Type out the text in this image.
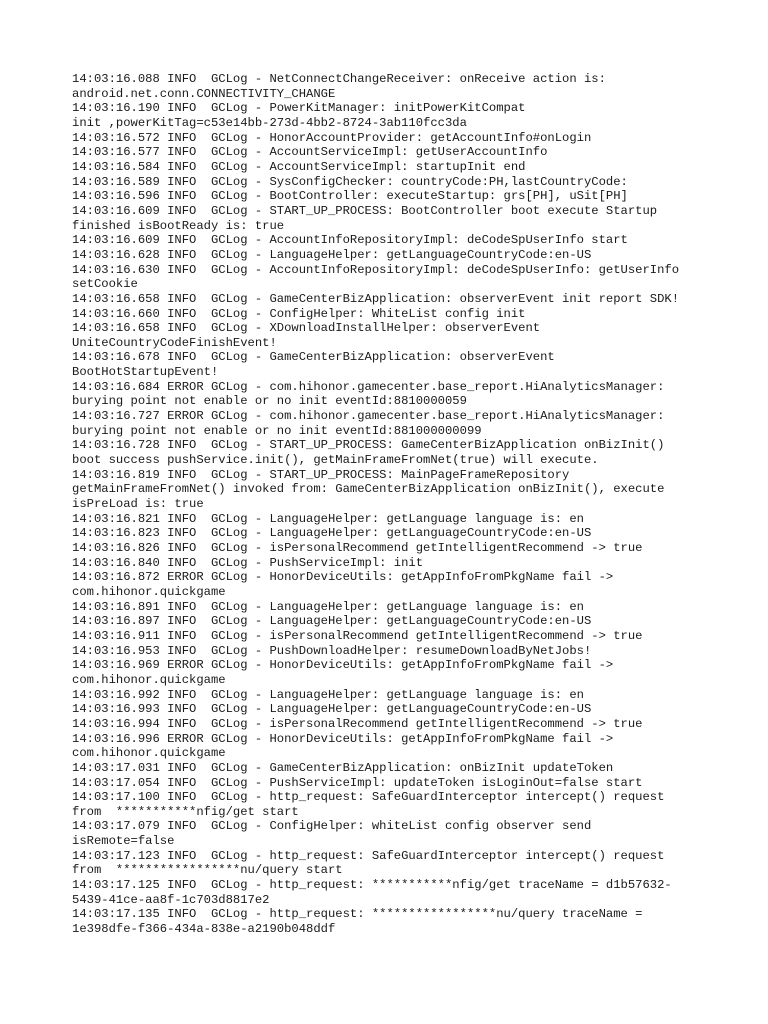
14:03:16.088 INFO  GCLog - NetConnectChangeReceiver: onReceive action is:
android.net.conn.CONNECTIVITY_CHANGE
14:03:16.190 INFO  GCLog - PowerKitManager: initPowerKitCompat
init ,powerKitTag=c53e14bb-273d-4bb2-8724-3ab110fcc3da
14:03:16.572 INFO  GCLog - HonorAccountProvider: getAccountInfo#onLogin
14:03:16.577 INFO  GCLog - AccountServiceImpl: getUserAccountInfo
14:03:16.584 INFO  GCLog - AccountServiceImpl: startupInit end
14:03:16.589 INFO  GCLog - SysConfigChecker: countryCode:PH,lastCountryCode:
14:03:16.596 INFO  GCLog - BootController: executeStartup: grs[PH], uSit[PH]
14:03:16.609 INFO  GCLog - START_UP_PROCESS: BootController boot execute Startup
finished isBootReady is: true
14:03:16.609 INFO  GCLog - AccountInfoRepositoryImpl: deCodeSpUserInfo start
14:03:16.628 INFO  GCLog - LanguageHelper: getLanguageCountryCode:en-US
14:03:16.630 INFO  GCLog - AccountInfoRepositoryImpl: deCodeSpUserInfo: getUserInfo
setCookie
14:03:16.658 INFO  GCLog - GameCenterBizApplication: observerEvent init report SDK!
14:03:16.660 INFO  GCLog - ConfigHelper: WhiteList config init
14:03:16.658 INFO  GCLog - XDownloadInstallHelper: observerEvent
UniteCountryCodeFinishEvent!
14:03:16.678 INFO  GCLog - GameCenterBizApplication: observerEvent
BootHotStartupEvent!
14:03:16.684 ERROR GCLog - com.hihonor.gamecenter.base_report.HiAnalyticsManager:
burying point not enable or no init eventId:8810000059
14:03:16.727 ERROR GCLog - com.hihonor.gamecenter.base_report.HiAnalyticsManager:
burying point not enable or no init eventId:881000000099
14:03:16.728 INFO  GCLog - START_UP_PROCESS: GameCenterBizApplication onBizInit()
boot success pushService.init(), getMainFrameFromNet(true) will execute.
14:03:16.819 INFO  GCLog - START_UP_PROCESS: MainPageFrameRepository
getMainFrameFromNet() invoked from: GameCenterBizApplication onBizInit(), execute
isPreLoad is: true
14:03:16.821 INFO  GCLog - LanguageHelper: getLanguage language is: en
14:03:16.823 INFO  GCLog - LanguageHelper: getLanguageCountryCode:en-US
14:03:16.826 INFO  GCLog - isPersonalRecommend getIntelligentRecommend -> true
14:03:16.840 INFO  GCLog - PushServiceImpl: init
14:03:16.872 ERROR GCLog - HonorDeviceUtils: getAppInfoFromPkgName fail ->
com.hihonor.quickgame
14:03:16.891 INFO  GCLog - LanguageHelper: getLanguage language is: en
14:03:16.897 INFO  GCLog - LanguageHelper: getLanguageCountryCode:en-US
14:03:16.911 INFO  GCLog - isPersonalRecommend getIntelligentRecommend -> true
14:03:16.953 INFO  GCLog - PushDownloadHelper: resumeDownloadByNetJobs!
14:03:16.969 ERROR GCLog - HonorDeviceUtils: getAppInfoFromPkgName fail ->
com.hihonor.quickgame
14:03:16.992 INFO  GCLog - LanguageHelper: getLanguage language is: en
14:03:16.993 INFO  GCLog - LanguageHelper: getLanguageCountryCode:en-US
14:03:16.994 INFO  GCLog - isPersonalRecommend getIntelligentRecommend -> true
14:03:16.996 ERROR GCLog - HonorDeviceUtils: getAppInfoFromPkgName fail ->
com.hihonor.quickgame
14:03:17.031 INFO  GCLog - GameCenterBizApplication: onBizInit updateToken
14:03:17.054 INFO  GCLog - PushServiceImpl: updateToken isLoginOut=false start
14:03:17.100 INFO  GCLog - http_request: SafeGuardInterceptor intercept() request
from  ***********nfig/get start
14:03:17.079 INFO  GCLog - ConfigHelper: whiteList config observer send
isRemote=false
14:03:17.123 INFO  GCLog - http_request: SafeGuardInterceptor intercept() request
from  *****************nu/query start
14:03:17.125 INFO  GCLog - http_request: ***********nfig/get traceName = d1b57632-
5439-41ce-aa8f-1c703d8817e2
14:03:17.135 INFO  GCLog - http_request: *****************nu/query traceName =
1e398dfe-f366-434a-838e-a2190b048ddf
